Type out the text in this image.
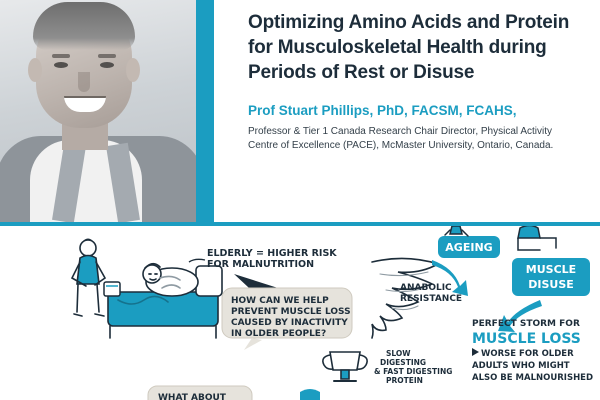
Optimizing Amino Acids and Protein for Musculoskeletal Health during Periods of Rest or Disuse
Prof Stuart Phillips, PhD, FACSM, FCAHS,
Professor & Tier 1 Canada Research Chair Director, Physical Activity Centre of Excellence (PACE), McMaster University, Ontario, Canada.
ELDERLY = HIGHER RISK
FOR MALNUTRITION
HOW CAN WE HELP
PREVENT MUSCLE LOSS
CAUSED BY INACTIVITY
IN OLDER PEOPLE?
ANABOLIC
RESISTANCE
AGEING
MUSCLE
DISUSE
PERFECT STORM FOR
MUSCLE LOSS
WORSE FOR OLDER
ADULTS WHO MIGHT
ALSO BE MALNOURISHED
SLOW
DIGESTING
& FAST DIGESTING
PROTEIN
WHAT ABOUT
